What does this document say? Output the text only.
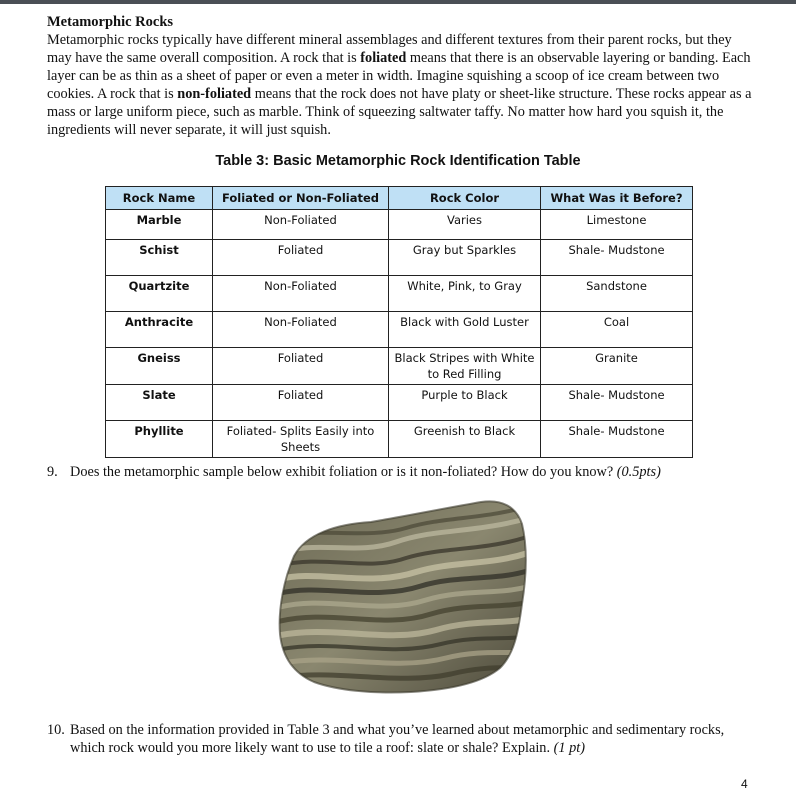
Metamorphic Rocks

Metamorphic rocks typically have different mineral assemblages and different textures from their parent rocks, but they may have the same overall composition. A rock that is foliated means that there is an observable layering or banding. Each layer can be as thin as a sheet of paper or even a meter in width. Imagine squishing a scoop of ice cream between two cookies. A rock that is non-foliated means that the rock does not have platy or sheet-like structure. These rocks appear as a mass or large uniform piece, such as marble. Think of squeezing saltwater taffy. No matter how hard you squish it, the ingredients will never separate, it will just squish.

Table 3: Basic Metamorphic Rock Identification Table
Rock Name	Foliated or Non-Foliated	Rock Color	What Was it Before?
Marble	Non-Foliated	Varies	Limestone
Schist	Foliated	Gray but Sparkles	Shale- Mudstone
Quartzite	Non-Foliated	White, Pink, to Gray	Sandstone
Anthracite	Non-Foliated	Black with Gold Luster	Coal
Gneiss	Foliated	Black Stripes with White to Red Filling	Granite
Slate	Foliated	Purple to Black	Shale- Mudstone
Phyllite	Foliated- Splits Easily into Sheets	Greenish to Black	Shale- Mudstone
9. Does the metamorphic sample below exhibit foliation or is it non-foliated? How do you know? (0.5pts)
10. Based on the information provided in Table 3 and what you’ve learned about metamorphic and sedimentary rocks, which rock would you more likely want to use to tile a roof: slate or shale? Explain. (1 pt)
4
